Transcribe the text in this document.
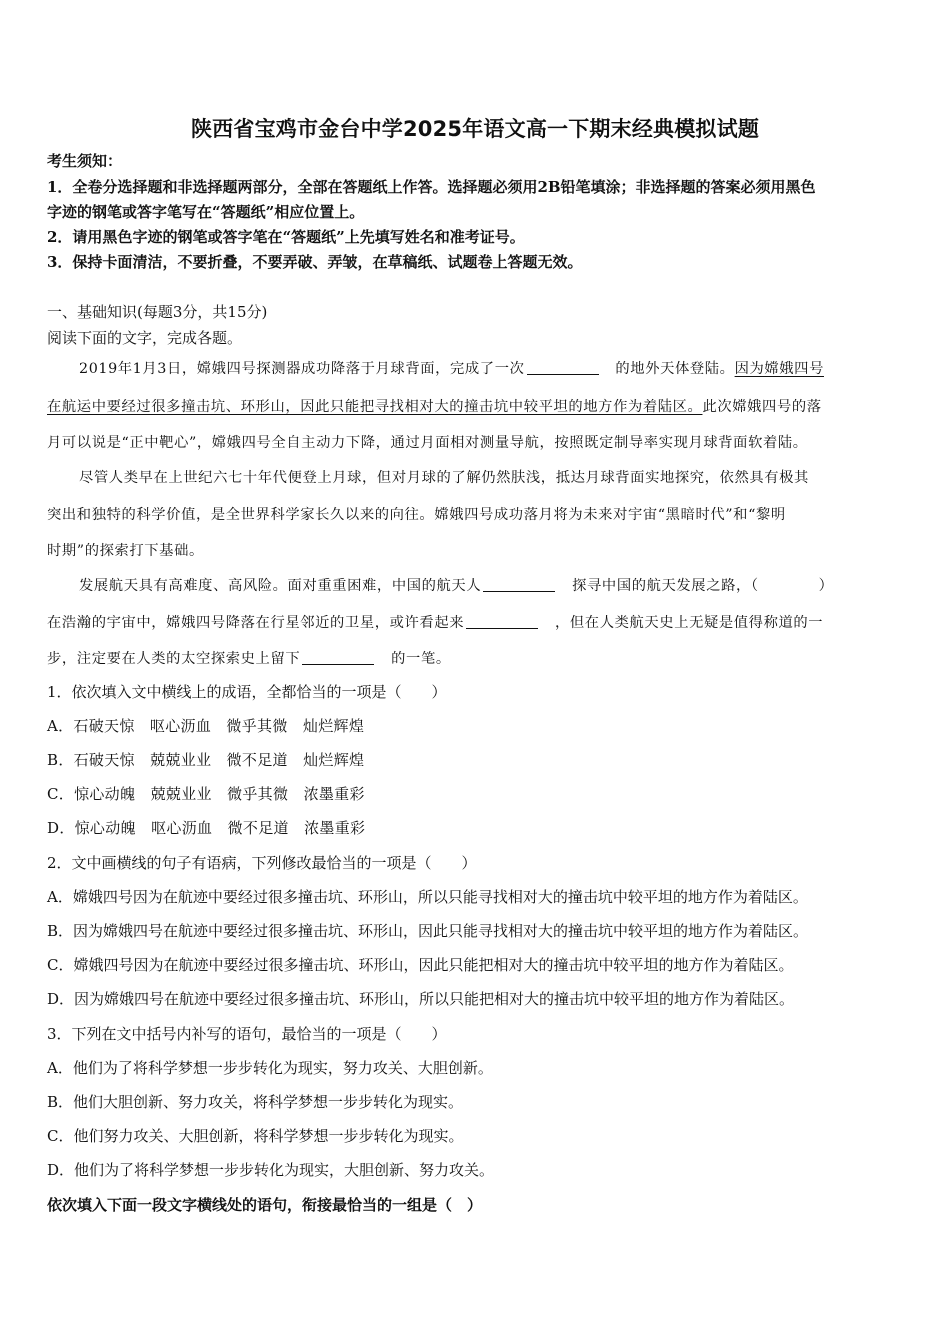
陕西省宝鸡市金台中学2025年语文高一下期末经典模拟试题
考生须知：
1．全卷分选择题和非选择题两部分，全部在答题纸上作答。选择题必须用2B铅笔填涂；非选择题的答案必须用黑色
字迹的钢笔或答字笔写在“答题纸”相应位置上。
2．请用黑色字迹的钢笔或答字笔在“答题纸”上先填写姓名和准考证号。
3．保持卡面清洁，不要折叠，不要弄破、弄皱，在草稿纸、试题卷上答题无效。
一、基础知识(每题3分，共15分)
阅读下面的文字，完成各题。
2019年1月3日，嫦娥四号探测器成功降落于月球背面，完成了一次　	的地外天体登陆。因为嫦娥四号
在航运中要经过很多撞击坑、环形山，因此只能把寻找相对大的撞击坑中较平坦的地方作为着陆区。此次嫦娥四号的落
月可以说是“正中靶心”，嫦娥四号全自主动力下降，通过月面相对测量导航，按照既定制导率实现月球背面软着陆。
尽管人类早在上世纪六七十年代便登上月球，但对月球的了解仍然肤浅，抵达月球背面实地探究，依然具有极其
突出和独特的科学价值，是全世界科学家长久以来的向往。嫦娥四号成功落月将为未来对宇宙“黑暗时代”和“黎明
时期”的探索打下基础。
发展航天具有高难度、高风险。面对重重困难，中国的航天人　	探寻中国的航天发展之路，（	）
在浩瀚的宇宙中，嫦娥四号降落在行星邻近的卫星，或许看起来　	，但在人类航天史上无疑是值得称道的一
步，注定要在人类的太空探索史上留下　	的一笔。
1．依次填入文中横线上的成语，全都恰当的一项是（　　）
A．石破天惊　呕心沥血　微乎其微　灿烂辉煌
B．石破天惊　兢兢业业　微不足道　灿烂辉煌
C．惊心动魄　兢兢业业　微乎其微　浓墨重彩
D．惊心动魄　呕心沥血　微不足道　浓墨重彩
2．文中画横线的句子有语病，下列修改最恰当的一项是（　　）
A．嫦娥四号因为在航迹中要经过很多撞击坑、环形山，所以只能寻找相对大的撞击坑中较平坦的地方作为着陆区。
B．因为嫦娥四号在航迹中要经过很多撞击坑、环形山，因此只能寻找相对大的撞击坑中较平坦的地方作为着陆区。
C．嫦娥四号因为在航迹中要经过很多撞击坑、环形山，因此只能把相对大的撞击坑中较平坦的地方作为着陆区。
D．因为嫦娥四号在航迹中要经过很多撞击坑、环形山，所以只能把相对大的撞击坑中较平坦的地方作为着陆区。
3．下列在文中括号内补写的语句，最恰当的一项是（　　）
A．他们为了将科学梦想一步步转化为现实，努力攻关、大胆创新。
B．他们大胆创新、努力攻关，将科学梦想一步步转化为现实。
C．他们努力攻关、大胆创新，将科学梦想一步步转化为现实。
D．他们为了将科学梦想一步步转化为现实，大胆创新、努力攻关。
依次填入下面一段文字横线处的语句，衔接最恰当的一组是（　）
